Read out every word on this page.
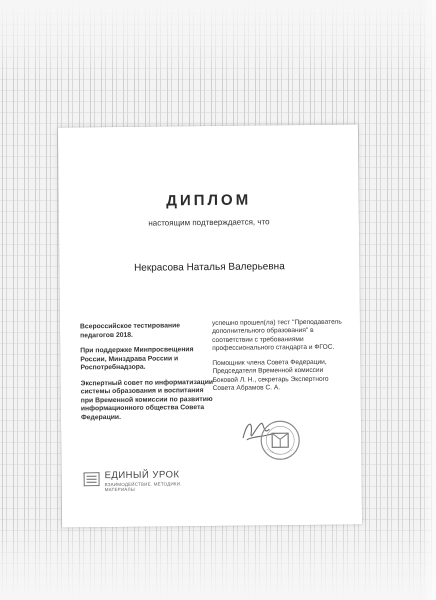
ДИПЛОМ
настоящим подтверждается, что
Некрасова Наталья Валерьевна

Всероссийское тестирование педагогов 2018.

При поддержке Минпросвещения России, Минздрава России и Роспотребнадзора.

Экспертный совет по информатизации системы образования и воспитания при Временной комиссии по развитию информационного общества Совета Федерации.

успешно прошел(ла) тест "Преподаватель дополнительного образования" в соответствии с требованиями профессионального стандарта и ФГОС.

Помощник члена Совета Федерации, Председателя Временной комиссии Боковой Л. Н., секретарь Экспертного Совета Абрамов С. А.

ЕДИНЫЙ УРОК
ВЗАИМОДЕЙСТВИЕ. МЕТОДИКИ. МАТЕРИАЛЫ
